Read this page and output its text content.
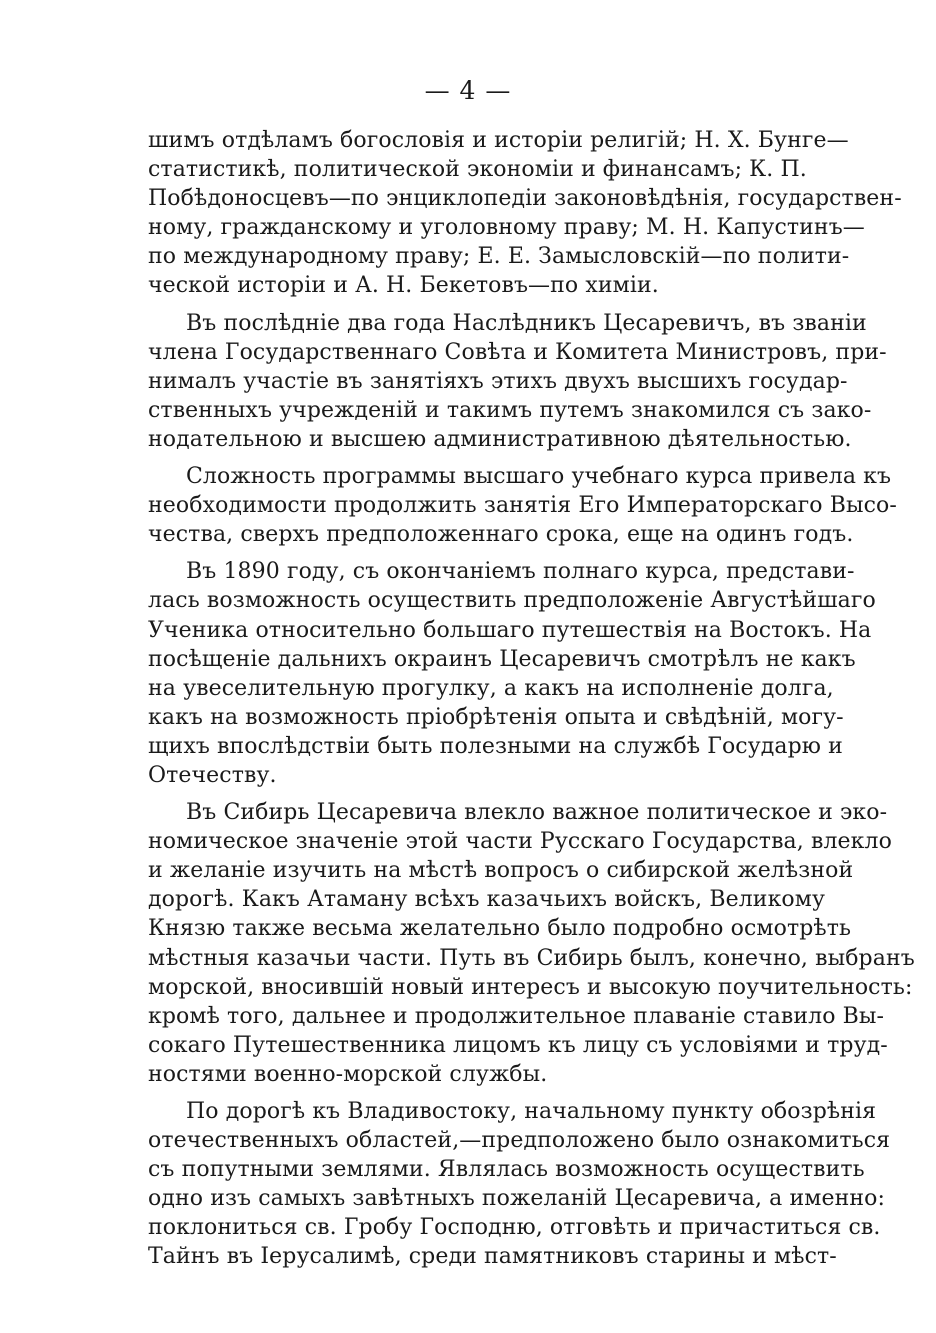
— 4 —
шимъ отдѣламъ богословія и исторіи религій; Н. Х. Бунге—
статистикѣ, политической экономіи и финансамъ; К. П.
Побѣдоносцевъ—по энциклопедіи законовѣдѣнія, государствен-
ному, гражданскому и уголовному праву; М. Н. Капустинъ—
по международному праву; Е. Е. Замысловскій—по полити-
ческой исторіи и А. Н. Бекетовъ—по химіи.
Въ послѣдніе два года Наслѣдникъ Цесаревичъ, въ званіи
члена Государственнаго Совѣта и Комитета Министровъ, при-
нималъ участіе въ занятіяхъ этихъ двухъ высшихъ государ-
ственныхъ учрежденій и такимъ путемъ знакомился съ зако-
нодательною и высшею административною дѣятельностью.
Сложность программы высшаго учебнаго курса привела къ
необходимости продолжить занятія Его Императорскаго Высо-
чества, сверхъ предположеннаго срока, еще на одинъ годъ.
Въ 1890 году, съ окончаніемъ полнаго курса, представи-
лась возможность осуществить предположеніе Августѣйшаго
Ученика относительно большаго путешествія на Востокъ. На
посѣщеніе дальнихъ окраинъ Цесаревичъ смотрѣлъ не какъ
на увеселительную прогулку, а какъ на исполненіе долга,
какъ на возможность пріобрѣтенія опыта и свѣдѣній, могу-
щихъ впослѣдствіи быть полезными на службѣ Государю и
Отечеству.
Въ Сибирь Цесаревича влекло важное политическое и эко-
номическое значеніе этой части Русскаго Государства, влекло
и желаніе изучить на мѣстѣ вопросъ о сибирской желѣзной
дорогѣ. Какъ Атаману всѣхъ казачьихъ войскъ, Великому
Князю также весьма желательно было подробно осмотрѣть
мѣстныя казачьи части. Путь въ Сибирь былъ, конечно, выбранъ
морской, вносившій новый интересъ и высокую поучительность:
кромѣ того, дальнее и продолжительное плаваніе ставило Вы-
сокаго Путешественника лицомъ къ лицу съ условіями и труд-
ностями военно-морской службы.
По дорогѣ къ Владивостоку, начальному пункту обозрѣнія
отечественныхъ областей,—предположено было ознакомиться
съ попутными землями. Являлась возможность осуществить
одно изъ самыхъ завѣтныхъ пожеланій Цесаревича, а именно:
поклониться св. Гробу Господню, отговѣть и причаститься св.
Тайнъ въ Іерусалимѣ, среди памятниковъ старины и мѣст-
